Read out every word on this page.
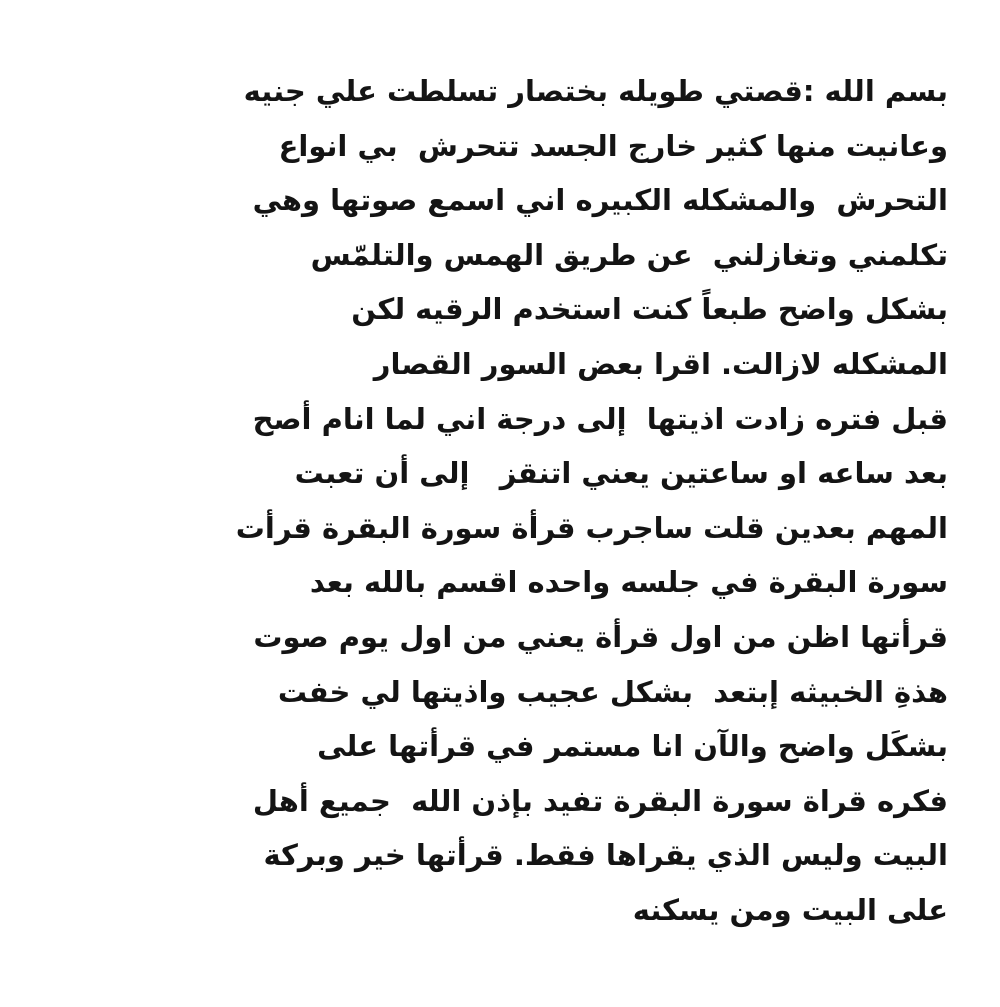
بسم الله :قصتي طويله بختصار تسلطت علي جنيه
وعانيت منها كثير خارج الجسد تتحرش  بي انواع
التحرش  والمشكله الكبيره اني اسمع صوتها وهي
تكلمني وتغازلني  عن طريق الهمس والتلمّس
بشكل واضح طبعاً كنت استخدم الرقيه لكن
المشكله لازالت. اقرا بعض السور القصار
قبل فتره زادت اذيتها  إلى درجة اني لما انام أصح
بعد ساعه او ساعتين يعني اتنقز   إلى أن تعبت
المهم بعدين قلت ساجرب قرأة سورة البقرة قرأت
سورة البقرة في جلسه واحده اقسم بالله بعد
قرأتها اظن من اول قرأة يعني من اول يوم صوت
هذةِ الخبيثه إبتعد  بشكل عجيب واذيتها لي خفت
بشكَل واضح والآن انا مستمر في قرأتها على
فكره قراة سورة البقرة تفيد بإذن الله  جميع أهل
البيت وليس الذي يقراها فقط. قرأتها خير وبركة
على البيت ومن يسكنه
